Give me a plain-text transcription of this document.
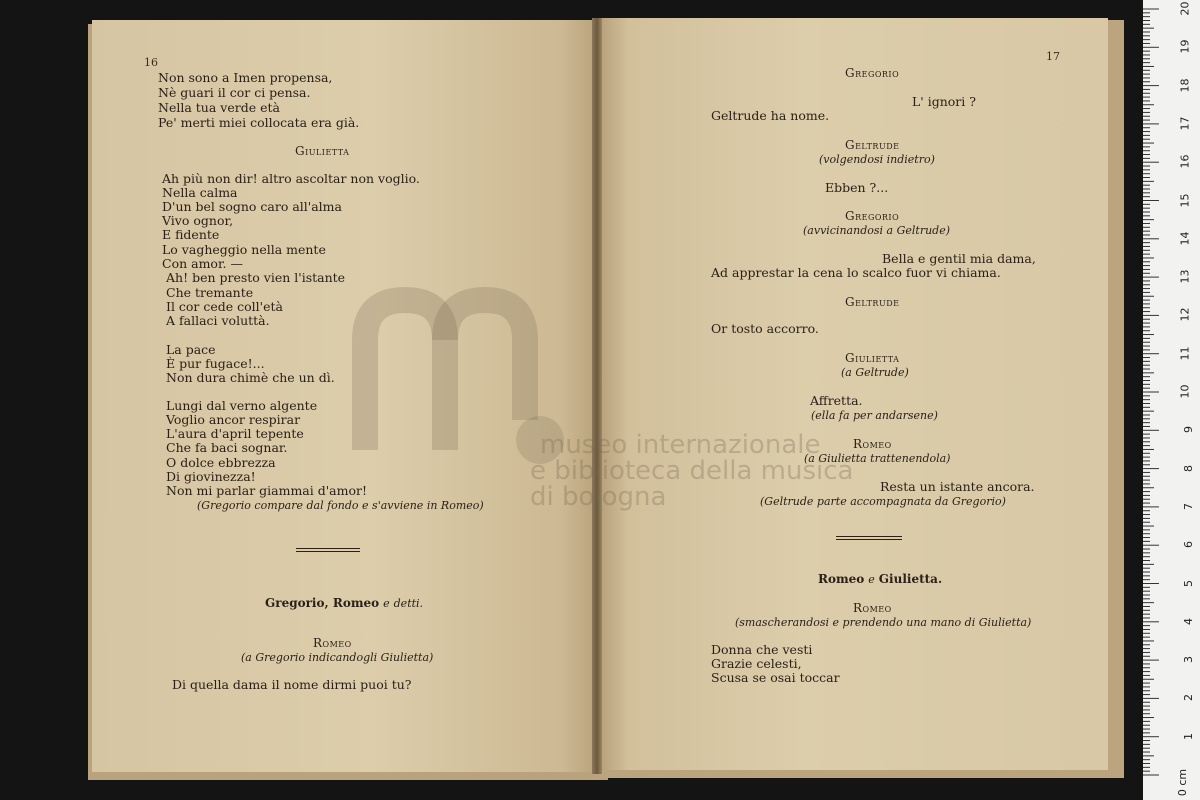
16
Non sono a Imen propensa,
Nè guari il cor ci pensa.
Nella tua verde età
Pe' merti miei collocata era già.
Giulietta
Ah più non dir! altro ascoltar non voglio.
Nella calma
D'un bel sogno caro all'alma
Vivo ognor,
E fidente
Lo vagheggio nella mente
Con amor. —
Ah! ben presto vien l'istante
Che tremante
Il cor cede coll'età
A fallaci voluttà.
La pace
È pur fugace!...
Non dura chimè che un dì.
Lungi dal verno algente
Voglio ancor respirar
L'aura d'april tepente
Che fa baci sognar.
O dolce ebbrezza
Di giovinezza!
Non mi parlar giammai d'amor!
(Gregorio compare dal fondo e s'avviene in Romeo)
Gregorio, Romeo e detti.
Romeo
(a Gregorio indicandogli Giulietta)
Di quella dama il nome dirmi puoi tu?
17
Gregorio
L' ignori ?
Geltrude ha nome.
Geltrude
(volgendosi indietro)
Ebben ?...
Gregorio
(avvicinandosi a Geltrude)
Bella e gentil mia dama,
Ad apprestar la cena lo scalco fuor vi chiama.
Geltrude
Or tosto accorro.
Giulietta
(a Geltrude)
Affretta.
(ella fa per andarsene)
Romeo
(a Giulietta trattenendola)
Resta un istante ancora.
(Geltrude parte accompagnata da Gregorio)
Romeo e Giulietta.
Romeo
(smascherandosi e prendendo una mano di Giulietta)
Donna che vesti
Grazie celesti,
Scusa se osai toccar
museo internazionale
e biblioteca della musica
di bologna
0 cm
1
2
3
4
5
6
7
8
9
10
11
12
13
14
15
16
17
18
19
20
